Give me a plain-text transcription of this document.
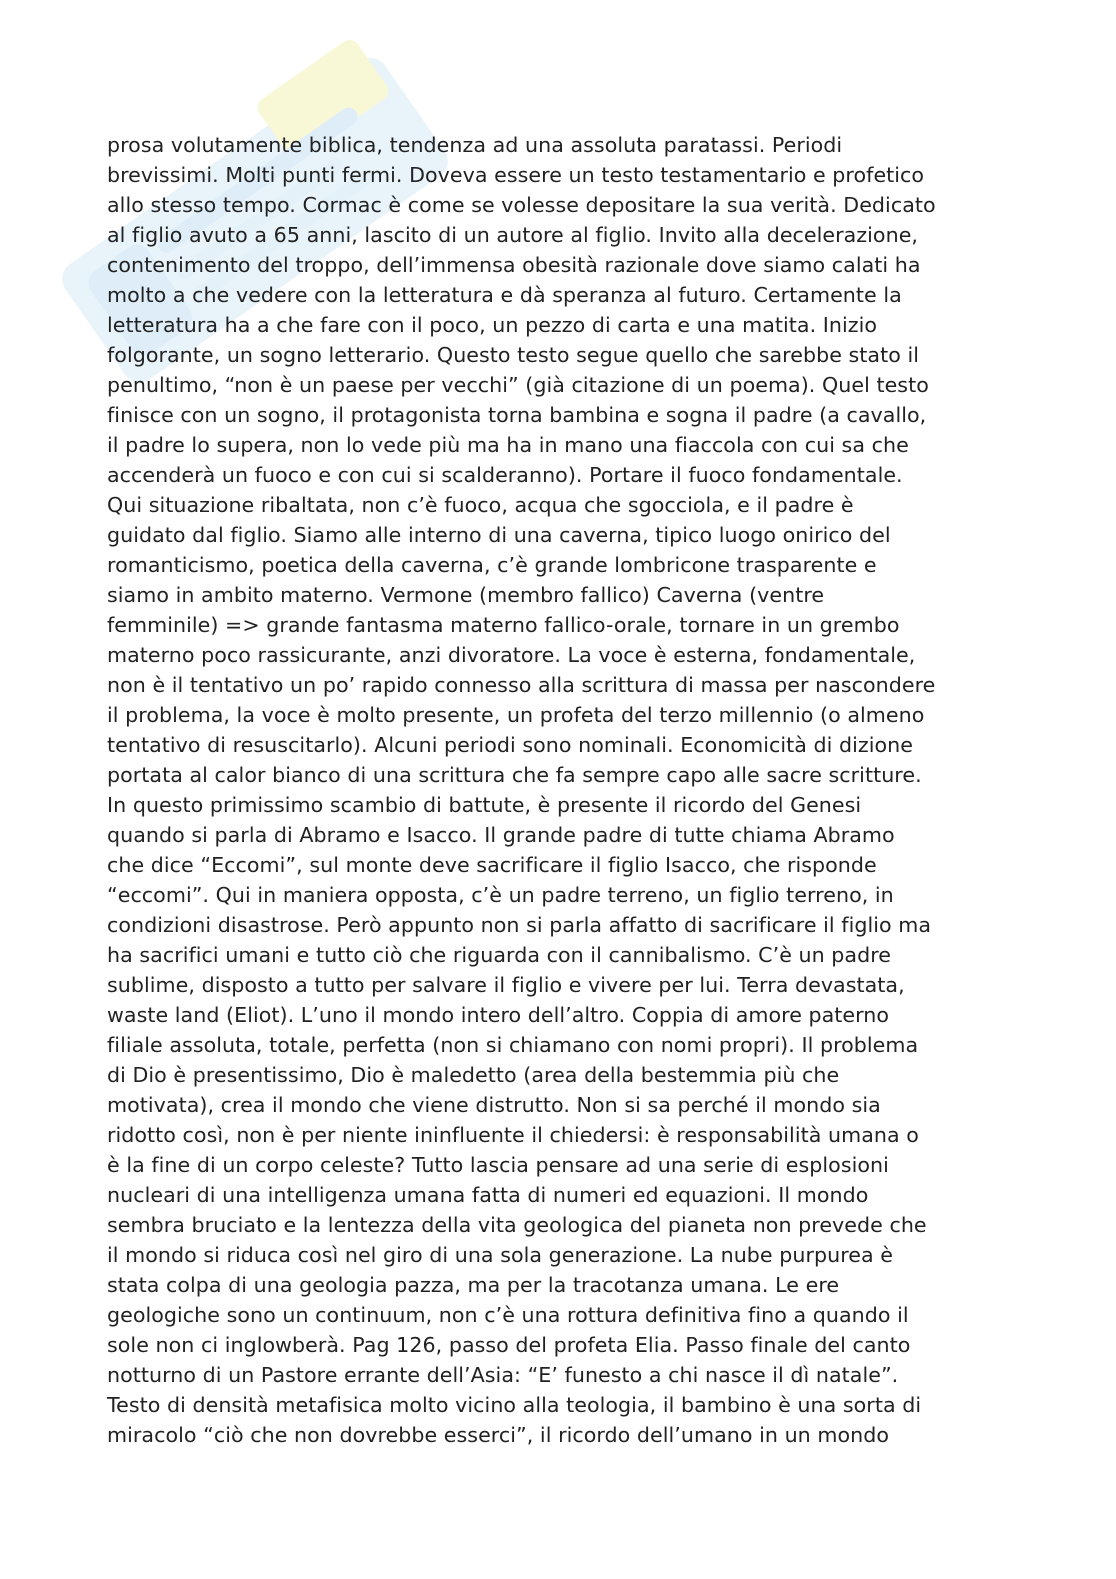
prosa volutamente biblica, tendenza ad una assoluta paratassi. Periodi
brevissimi. Molti punti fermi. Doveva essere un testo testamentario e profetico
allo stesso tempo. Cormac è come se volesse depositare la sua verità. Dedicato
al figlio avuto a 65 anni, lascito di un autore al figlio. Invito alla decelerazione,
contenimento del troppo, dell’immensa obesità razionale dove siamo calati ha
molto a che vedere con la letteratura e dà speranza al futuro. Certamente la
letteratura ha a che fare con il poco, un pezzo di carta e una matita. Inizio
folgorante, un sogno letterario. Questo testo segue quello che sarebbe stato il
penultimo, “non è un paese per vecchi” (già citazione di un poema). Quel testo
finisce con un sogno, il protagonista torna bambina e sogna il padre (a cavallo,
il padre lo supera, non lo vede più ma ha in mano una fiaccola con cui sa che
accenderà un fuoco e con cui si scalderanno). Portare il fuoco fondamentale.
Qui situazione ribaltata, non c’è fuoco, acqua che sgocciola, e il padre è
guidato dal figlio. Siamo alle interno di una caverna, tipico luogo onirico del
romanticismo, poetica della caverna, c’è grande lombricone trasparente e
siamo in ambito materno. Vermone (membro fallico) Caverna (ventre
femminile) => grande fantasma materno fallico-orale, tornare in un grembo
materno poco rassicurante, anzi divoratore. La voce è esterna, fondamentale,
non è il tentativo un po’ rapido connesso alla scrittura di massa per nascondere
il problema, la voce è molto presente, un profeta del terzo millennio (o almeno
tentativo di resuscitarlo). Alcuni periodi sono nominali. Economicità di dizione
portata al calor bianco di una scrittura che fa sempre capo alle sacre scritture.
In questo primissimo scambio di battute, è presente il ricordo del Genesi
quando si parla di Abramo e Isacco. Il grande padre di tutte chiama Abramo
che dice “Eccomi”, sul monte deve sacrificare il figlio Isacco, che risponde
“eccomi”. Qui in maniera opposta, c’è un padre terreno, un figlio terreno, in
condizioni disastrose. Però appunto non si parla affatto di sacrificare il figlio ma
ha sacrifici umani e tutto ciò che riguarda con il cannibalismo. C’è un padre
sublime, disposto a tutto per salvare il figlio e vivere per lui. Terra devastata,
waste land (Eliot). L’uno il mondo intero dell’altro. Coppia di amore paterno
filiale assoluta, totale, perfetta (non si chiamano con nomi propri). Il problema
di Dio è presentissimo, Dio è maledetto (area della bestemmia più che
motivata), crea il mondo che viene distrutto. Non si sa perché il mondo sia
ridotto così, non è per niente ininfluente il chiedersi: è responsabilità umana o
è la fine di un corpo celeste? Tutto lascia pensare ad una serie di esplosioni
nucleari di una intelligenza umana fatta di numeri ed equazioni. Il mondo
sembra bruciato e la lentezza della vita geologica del pianeta non prevede che
il mondo si riduca così nel giro di una sola generazione. La nube purpurea è
stata colpa di una geologia pazza, ma per la tracotanza umana. Le ere
geologiche sono un continuum, non c’è una rottura definitiva fino a quando il
sole non ci inglowberà. Pag 126, passo del profeta Elia. Passo finale del canto
notturno di un Pastore errante dell’Asia: “E’ funesto a chi nasce il dì natale”.
Testo di densità metafisica molto vicino alla teologia, il bambino è una sorta di
miracolo “ciò che non dovrebbe esserci”, il ricordo dell’umano in un mondo
